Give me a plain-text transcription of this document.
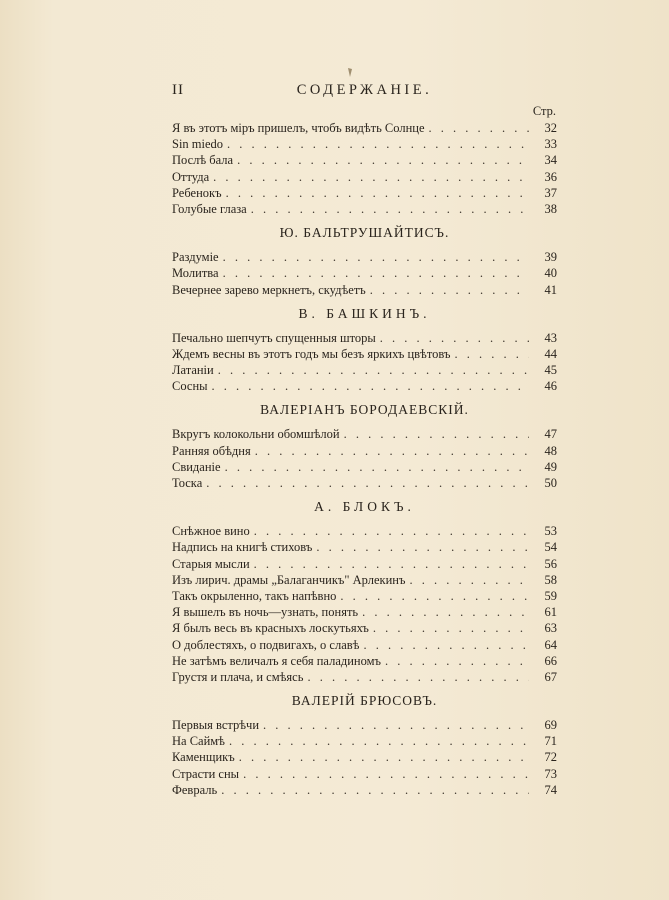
II	СОДЕРЖАНІЕ.
Стр.
Я въ этотъ міръ пришелъ, чтобъ видѣть Солнце . . .	32
Sin miedo . . .	33
Послѣ бала . . .	34
Оттуда . . .	36
Ребенокъ . . .	37
Голубые глаза . . .	38
Ю. БАЛЬТРУШАЙТИСЪ.
Раздуміе . . .	39
Молитва . . .	40
Вечернее зарево меркнетъ, скудѣетъ . . .	41
В. БАШКИНЪ.
Печально шепчутъ спущенныя шторы . . .	43
Ждемъ весны въ этотъ годъ мы безъ яркихъ цвѣтовъ . . .	44
Латаніи . . .	45
Сосны . . .	46
ВАЛЕРІАНЪ БОРОДАЕВСКІЙ.
Вкругъ колокольни обомшѣлой . . .	47
Ранняя обѣдня . . .	48
Свиданіе . . .	49
Тоска . . .	50
А. БЛОКЪ.
Снѣжное вино . . .	53
Надпись на книгѣ стиховъ . . .	54
Старыя мысли . . .	56
Изъ лирич. драмы „Балаганчикъ" Арлекинъ . . .	58
Такъ окрыленно, такъ напѣвно . . .	59
Я вышелъ въ ночь—узнать, понять . . .	61
Я былъ весь въ красныхъ лоскутьяхъ . . .	63
О доблестяхъ, о подвигахъ, о славѣ . . .	64
Не затѣмъ величалъ я себя паладиномъ . . .	66
Грустя и плача, и смѣясь . . .	67
ВАЛЕРІЙ БРЮСОВЪ.
Первыя встрѣчи . . .	69
На Саймѣ . . .	71
Каменщикъ . . .	72
Страсти сны . . .	73
Февраль . . .	74
